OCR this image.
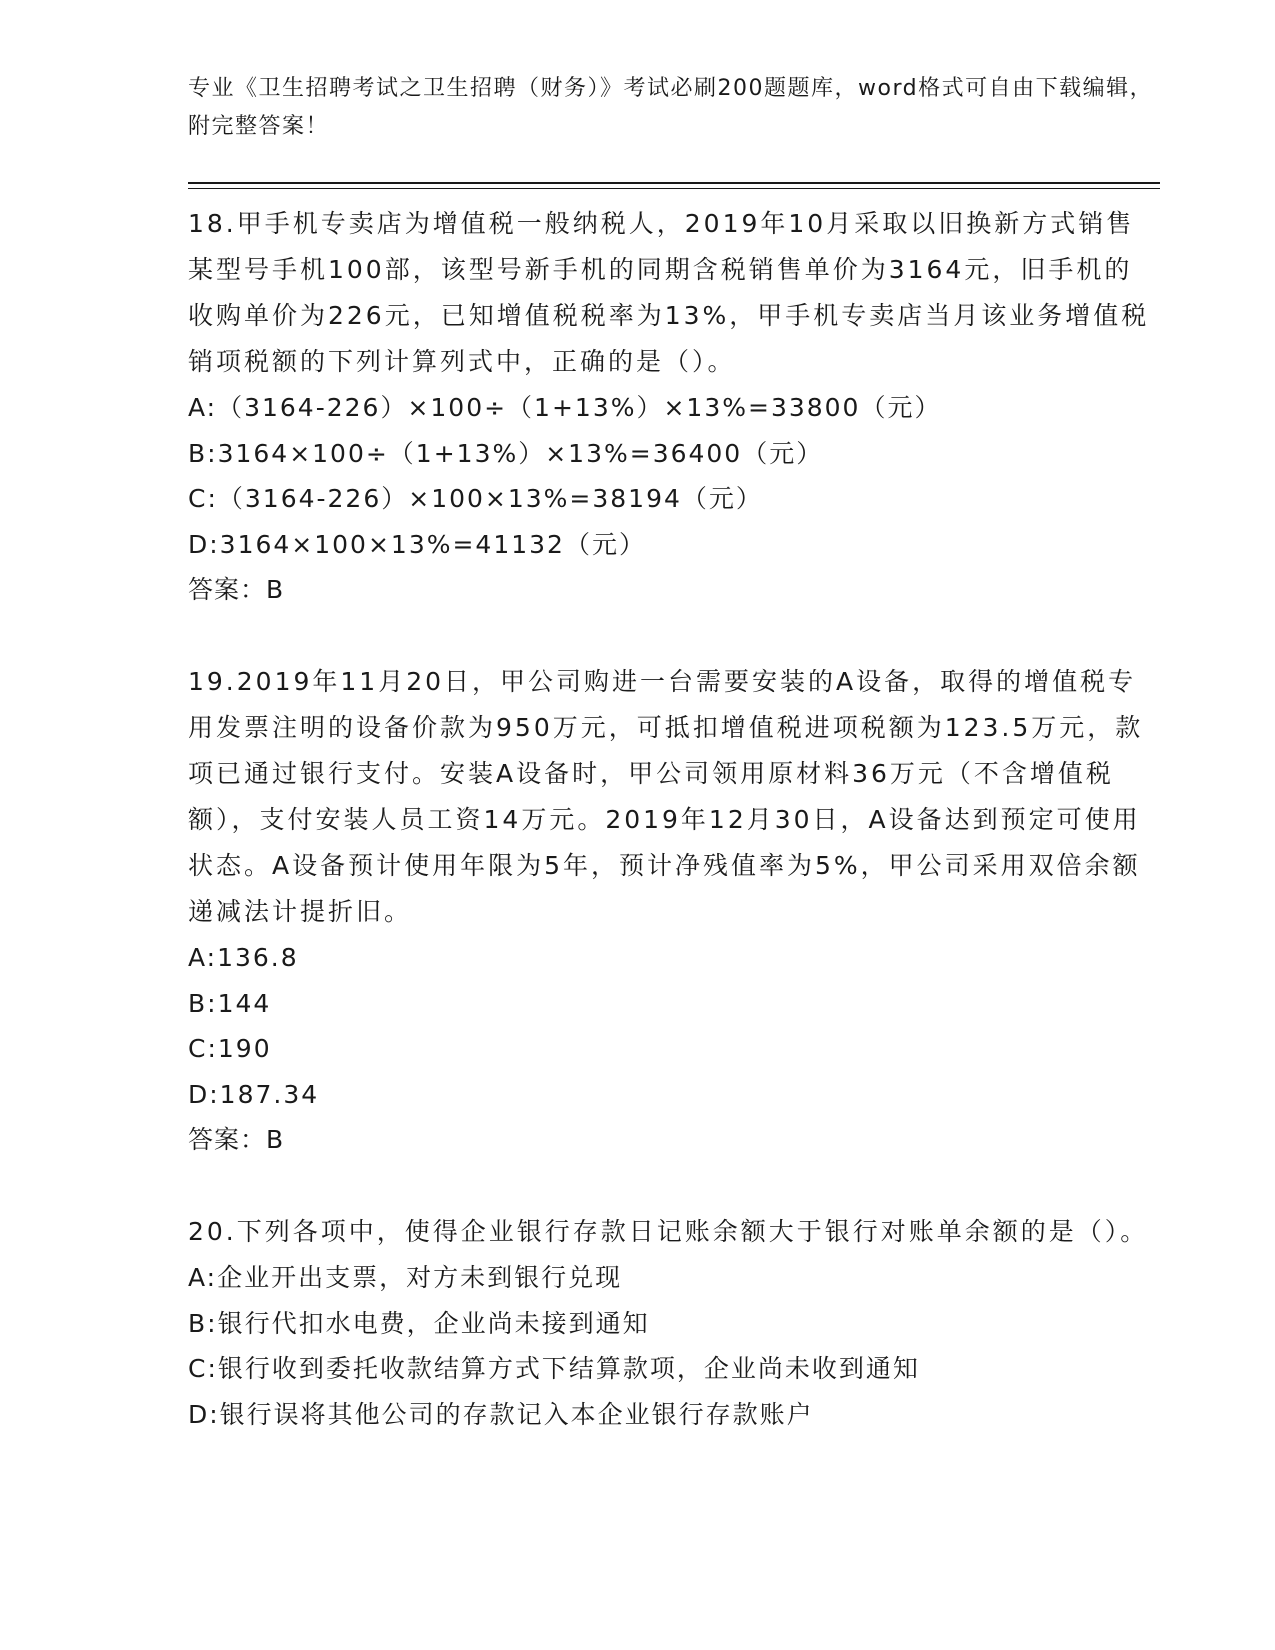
专业《卫生招聘考试之卫生招聘（财务）》考试必刷200题题库，word格式可自由下载编辑，附完整答案！

18.甲手机专卖店为增值税一般纳税人，2019年10月采取以旧换新方式销售某型号手机100部，该型号新手机的同期含税销售单价为3164元，旧手机的收购单价为226元，已知增值税税率为13%，甲手机专卖店当月该业务增值税销项税额的下列计算列式中，正确的是（）。

A:（3164-226）×100÷（1+13%）×13%=33800（元）
B:3164×100÷（1+13%）×13%=36400（元）
C:（3164-226）×100×13%=38194（元）
D:3164×100×13%=41132（元）
答案：B

19.2019年11月20日，甲公司购进一台需要安装的A设备，取得的增值税专用发票注明的设备价款为950万元，可抵扣增值税进项税额为123.5万元，款项已通过银行支付。安装A设备时，甲公司领用原材料36万元（不含增值税额），支付安装人员工资14万元。2019年12月30日，A设备达到预定可使用状态。A设备预计使用年限为5年，预计净残值率为5%，甲公司采用双倍余额递减法计提折旧。

A:136.8
B:144
C:190
D:187.34
答案：B

20.下列各项中，使得企业银行存款日记账余额大于银行对账单余额的是（）。

A:企业开出支票，对方未到银行兑现
B:银行代扣水电费，企业尚未接到通知
C:银行收到委托收款结算方式下结算款项，企业尚未收到通知
D:银行误将其他公司的存款记入本企业银行存款账户
